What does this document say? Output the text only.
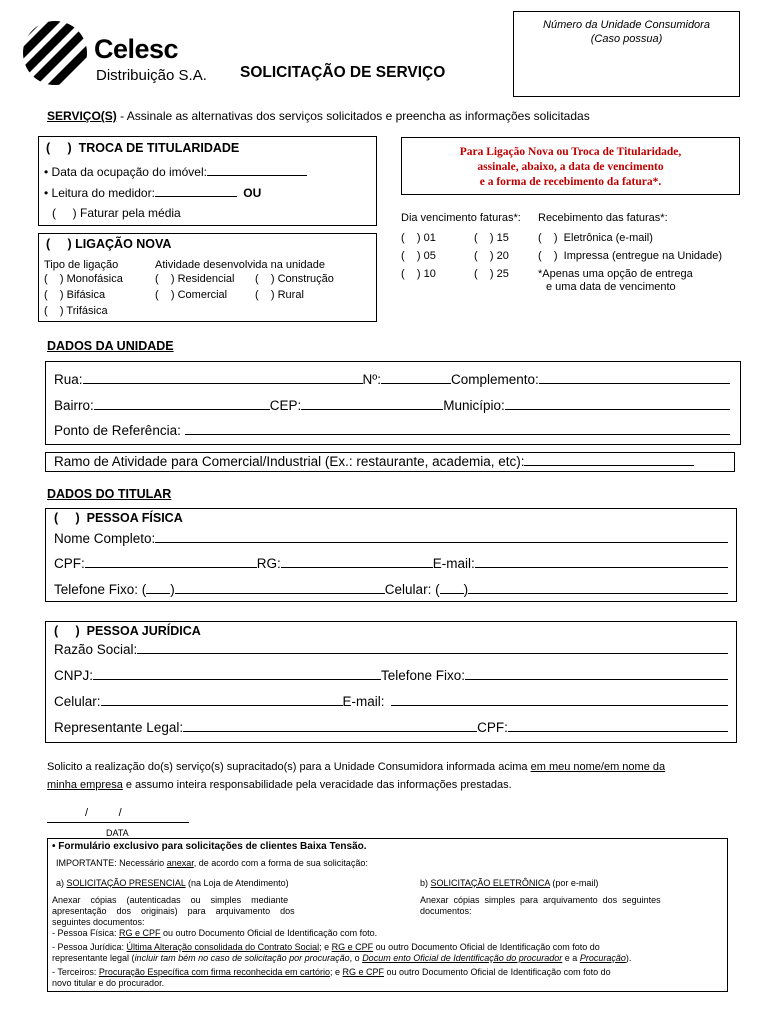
Celesc
Distribuição S.A. SOLICITAÇÃO DE SERVIÇO
Número da Unidade Consumidora
(Caso possua)
SERVIÇO(S) - Assinale as alternativas dos serviços solicitados e preencha as informações solicitadas
(     )  TROCA DE TITULARIDADE
• Data da ocupação do imóvel:
• Leitura do medidor:	OU
(     ) Faturar pela média
Para Ligação Nova ou Troca de Titularidade,
assinale, abaixo, a data de vencimento
e a forma de recebimento da fatura*.
Dia vencimento faturas*: Recebimento das faturas*:
(    ) 01	(    ) 15	(    )  Eletrônica (e-mail)
(    ) 05	(    ) 20	(    )  Impressa (entregue na Unidade)
(    ) 10	(    ) 25	*Apenas uma opção de entrega
e uma data de vencimento
(     ) LIGAÇÃO NOVA
Tipo de ligação	Atividade desenvolvida na unidade
(    ) Monofásica	(    ) Residencial (    ) Construção
(    ) Bifásica	(    ) Comercial	(    ) Rural
(    ) Trifásica
DADOS DA UNIDADE
Rua:	Nº:	Complemento:
Bairro:	CEP:	Município:
Ponto de Referência:
Ramo de Atividade para Comercial/Industrial (Ex.: restaurante, academia, etc):
DADOS DO TITULAR
(     )  PESSOA FÍSICA
Nome Completo:
CPF:	RG:	E-mail:
Telefone Fixo: ( )	Celular: ( )
(     )  PESSOA JURÍDICA
Razão Social:
CNPJ:	Telefone Fixo:
Celular:	E-mail:
Representante Legal:	CPF:
Solicito a realização do(s) serviço(s) supracitado(s) para a Unidade Consumidora informada acima em meu nome/em nome da
minha empresa e assumo inteira responsabilidade pela veracidade das informações prestadas.
/          /
DATA
• Formulário exclusivo para solicitações de clientes Baixa Tensão.
IMPORTANTE: Necessário anexar, de acordo com a forma de sua solicitação:
a) SOLICITAÇÃO PRESENCIAL (na Loja de Atendimento)	b) SOLICITAÇÃO ELETRÔNICA (por e-mail)
Anexar    cópias    (autenticadas    ou    simples    mediante
apresentação    dos    originais)    para    arquivamento    dos
seguintes documentos:
Anexar  cópias  simples  para  arquivamento  dos  seguintes
documentos:
- Pessoa Física: RG e CPF ou outro Documento Oficial de Identificação com foto.
- Pessoa Jurídica: Última Alteração consolidada do Contrato Social; e RG e CPF ou outro Documento Oficial de Identificação com foto do
representante legal (incluir tam bém no caso de solicitação por procuração, o Docum ento Oficial de Identificação do procurador e a Procuração).
- Terceiros: Procuração Específica com firma reconhecida em cartório; e RG e CPF ou outro Documento Oficial de Identificação com foto do
novo titular e do procurador.
